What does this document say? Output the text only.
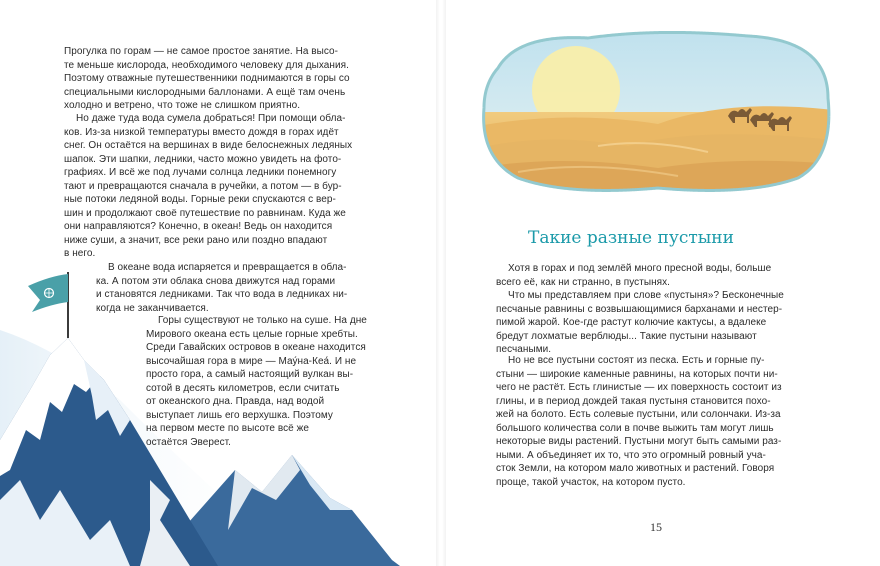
Прогулка по горам — не самое простое занятие. На высо-
те меньше кислорода, необходимого человеку для дыхания.
Поэтому отважные путешественники поднимаются в горы со
специальными кислородными баллонами. А ещё там очень
холодно и ветрено, что тоже не слишком приятно.
Но даже туда вода сумела добраться! При помощи обла-
ков. Из-за низкой температуры вместо дождя в горах идёт
снег. Он остаётся на вершинах в виде белоснежных ледяных
шапок. Эти шапки, ледники, часто можно увидеть на фото-
графиях. И всё же под лучами солнца ледники понемногу
тают и превращаются сначала в ручейки, а потом — в бур-
ные потоки ледяной воды. Горные реки спускаются с вер-
шин и продолжают своё путешествие по равнинам. Куда же
они направляются? Конечно, в океан! Ведь он находится
ниже суши, а значит, все реки рано или поздно впадают
в него.
В океане вода испаряется и превращается в обла-
ка. А потом эти облака снова движутся над горами
и становятся ледниками. Так что вода в ледниках ни-
когда не заканчивается.
Горы существуют не только на суше. На дне
Мирового океана есть целые горные хребты.
Среди Гавайских островов в океане находится
высочайшая гора в мире — Мау́на-Кеа́. И не
просто гора, а самый настоящий вулкан вы-
сотой в десять километров, если считать
от океанского дна. Правда, над водой
выступает лишь его верхушка. Поэтому
на первом месте по высоте всё же
остаётся Эверест.
Такие разные пустыни
Хотя в горах и под землёй много пресной воды, больше
всего её, как ни странно, в пустынях.
Что мы представляем при слове «пустыня»? Бесконечные
песчаные равнины с возвышающимися барханами и нестер-
пимой жарой. Кое-где растут колючие кактусы, а вдалеке
бредут лохматые верблюды... Такие пустыни называют
песчаными.
Но не все пустыни состоят из песка. Есть и горные пу-
стыни — широкие каменные равнины, на которых почти ни-
чего не растёт. Есть глинистые — их поверхность состоит из
глины, и в период дождей такая пустыня становится похо-
жей на болото. Есть солевые пустыни, или солончаки. Из-за
большого количества соли в почве выжить там могут лишь
некоторые виды растений. Пустыни могут быть самыми раз-
ными. А объединяет их то, что это огромный ровный уча-
сток Земли, на котором мало животных и растений. Говоря
проще, такой участок, на котором пусто.
15
